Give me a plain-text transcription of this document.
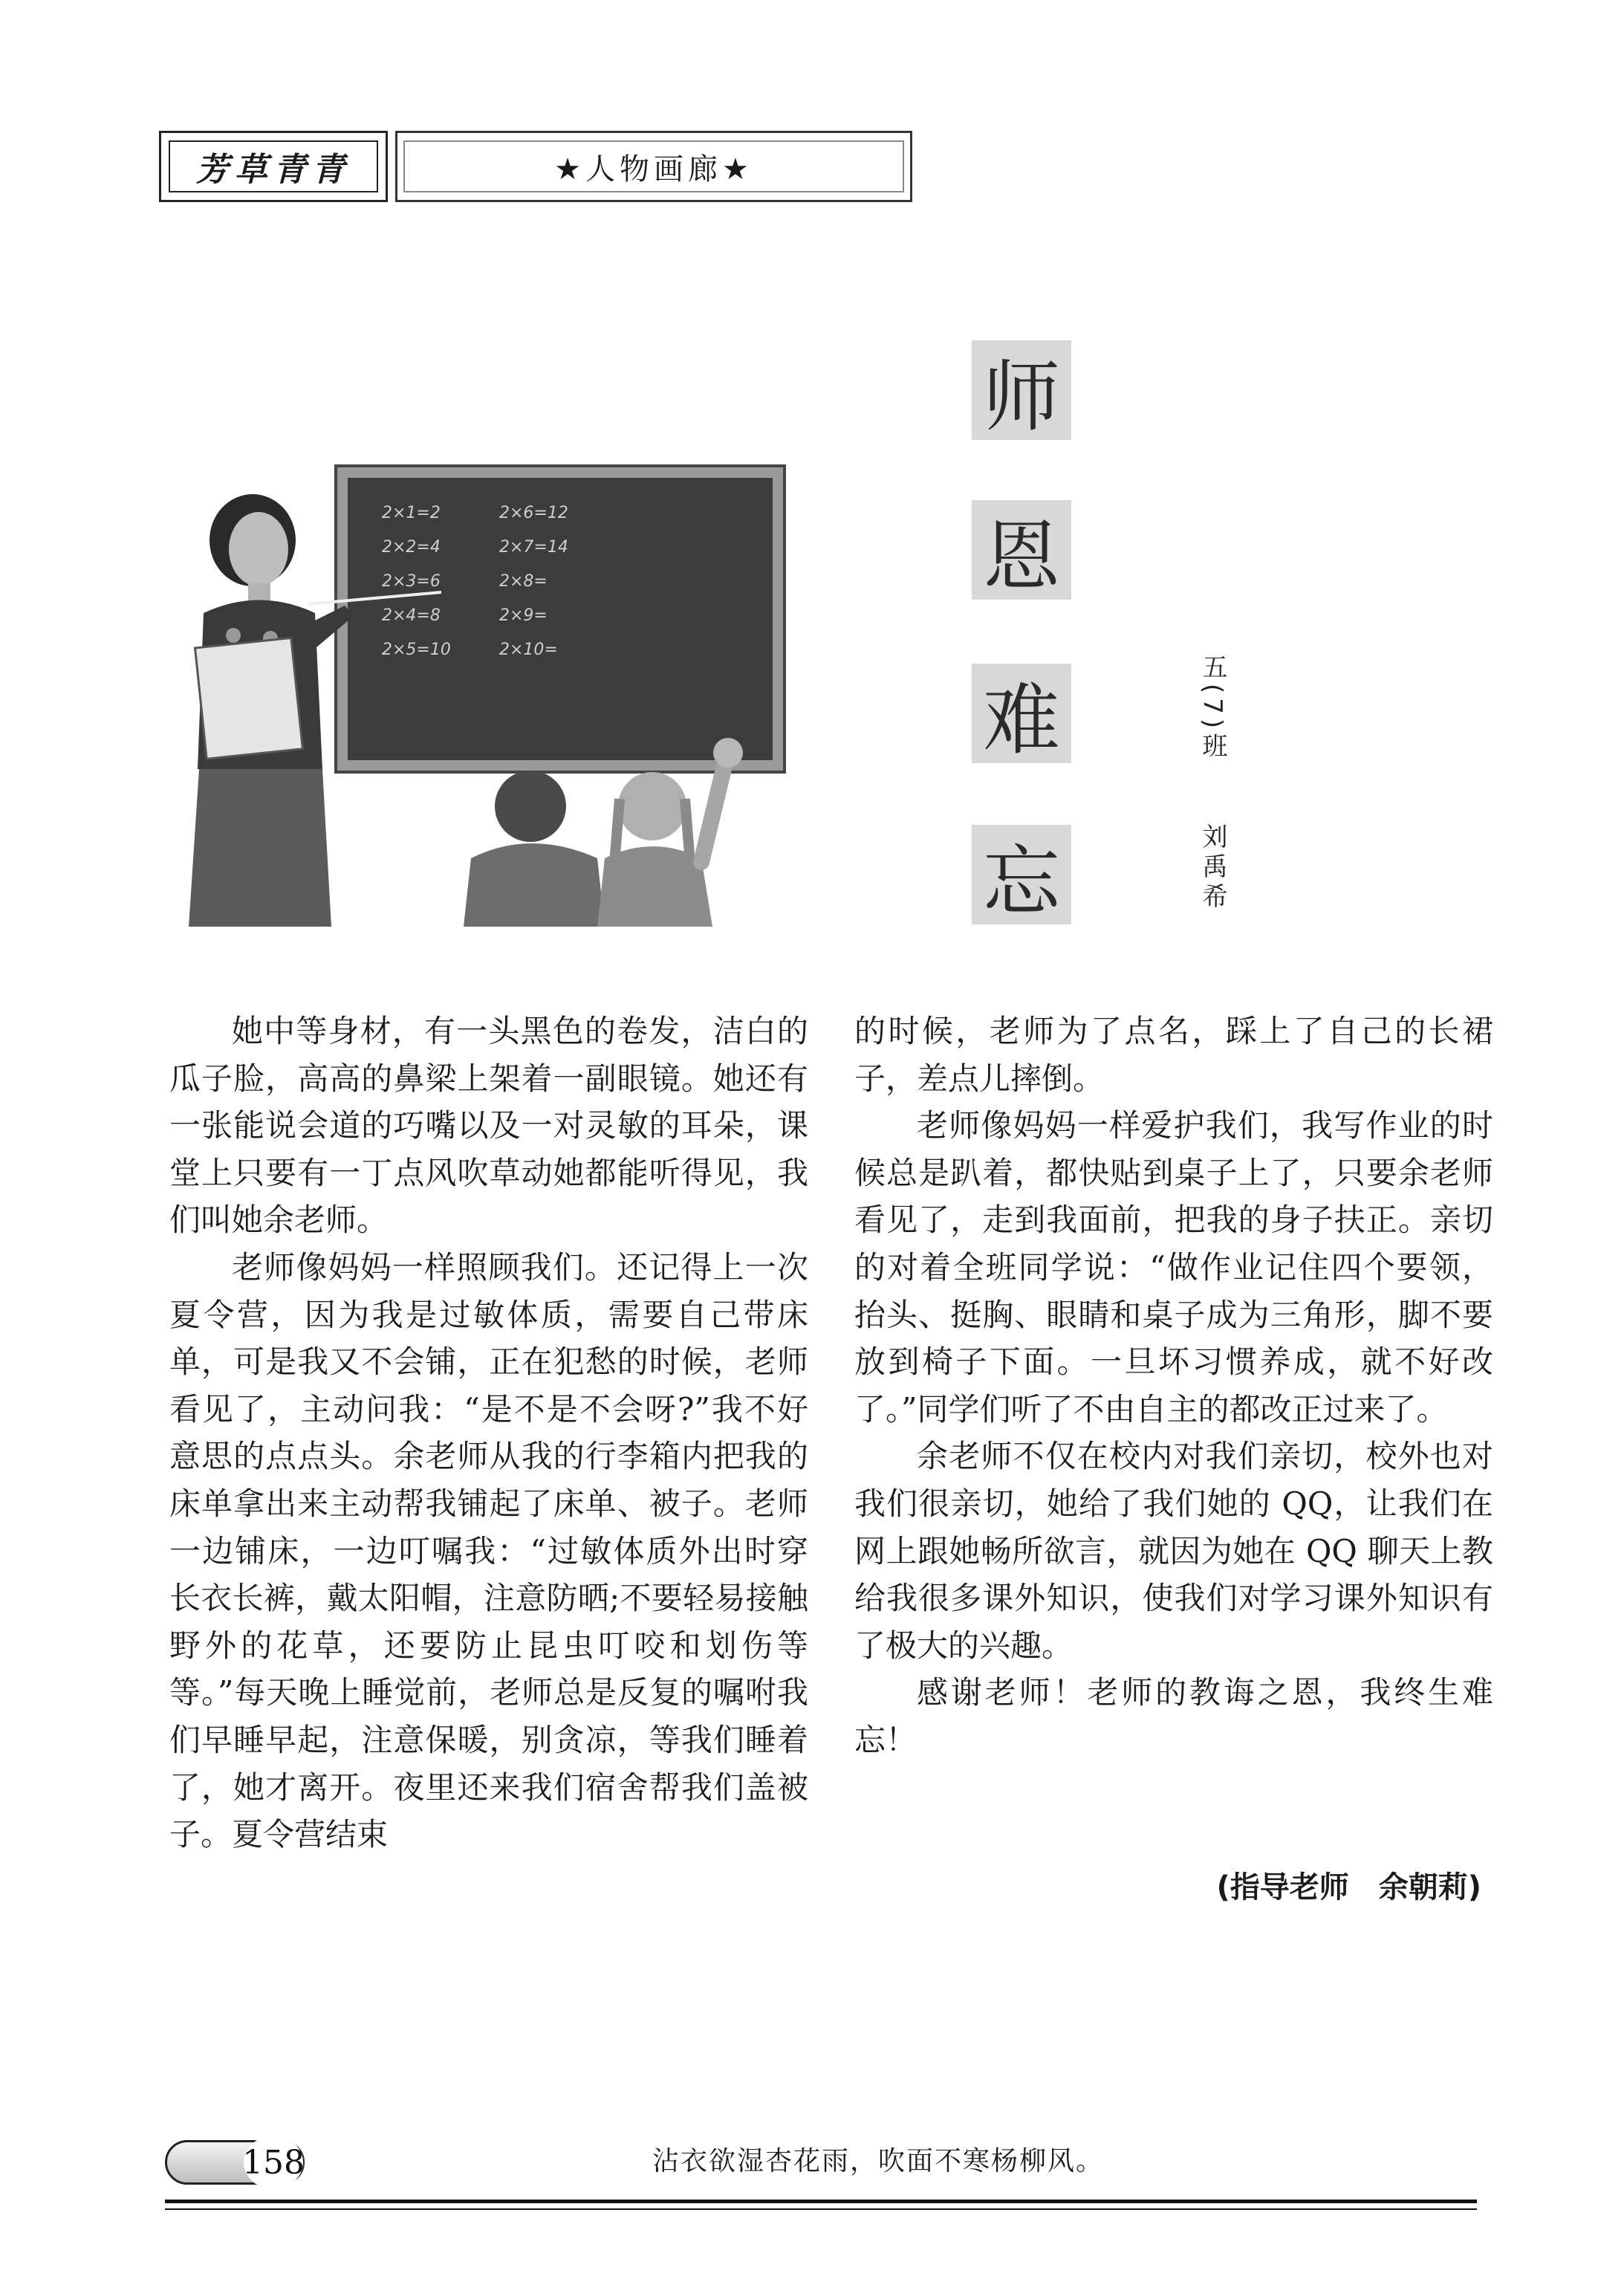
芳草青青	★人物画廊★
2×1=2	2×6=12
2×2=4	2×7=14
2×3=6	2×8=
2×4=8	2×9=
2×5=10	2×10=
师
恩
难
忘
五(7)班
刘禹希

她中等身材，有一头黑色的卷发，洁白的瓜子脸，高高的鼻梁上架着一副眼镜。她还有一张能说会道的巧嘴以及一对灵敏的耳朵，课堂上只要有一丁点风吹草动她都能听得见，我们叫她余老师。

老师像妈妈一样照顾我们。还记得上一次夏令营，因为我是过敏体质，需要自己带床单，可是我又不会铺，正在犯愁的时候，老师看见了，主动问我：“是不是不会呀?”我不好意思的点点头。余老师从我的行李箱内把我的床单拿出来主动帮我铺起了床单、被子。老师一边铺床，一边叮嘱我：“过敏体质外出时穿长衣长裤，戴太阳帽，注意防晒;不要轻易接触野外的花草，还要防止昆虫叮咬和划伤等等。”每天晚上睡觉前，老师总是反复的嘱咐我们早睡早起，注意保暖，别贪凉，等我们睡着了，她才离开。夜里还来我们宿舍帮我们盖被子。夏令营结束

的时候，老师为了点名，踩上了自己的长裙子，差点儿摔倒。

老师像妈妈一样爱护我们，我写作业的时候总是趴着，都快贴到桌子上了，只要余老师看见了，走到我面前，把我的身子扶正。亲切的对着全班同学说：“做作业记住四个要领，抬头、挺胸、眼睛和桌子成为三角形，脚不要放到椅子下面。一旦坏习惯养成，就不好改了。”同学们听了不由自主的都改正过来了。

余老师不仅在校内对我们亲切，校外也对我们很亲切，她给了我们她的 QQ，让我们在网上跟她畅所欲言，就因为她在 QQ 聊天上教给我很多课外知识，使我们对学习课外知识有了极大的兴趣。

感谢老师！老师的教诲之恩，我终生难忘！

(指导老师　余朝莉)
158	沾衣欲湿杏花雨，吹面不寒杨柳风。
